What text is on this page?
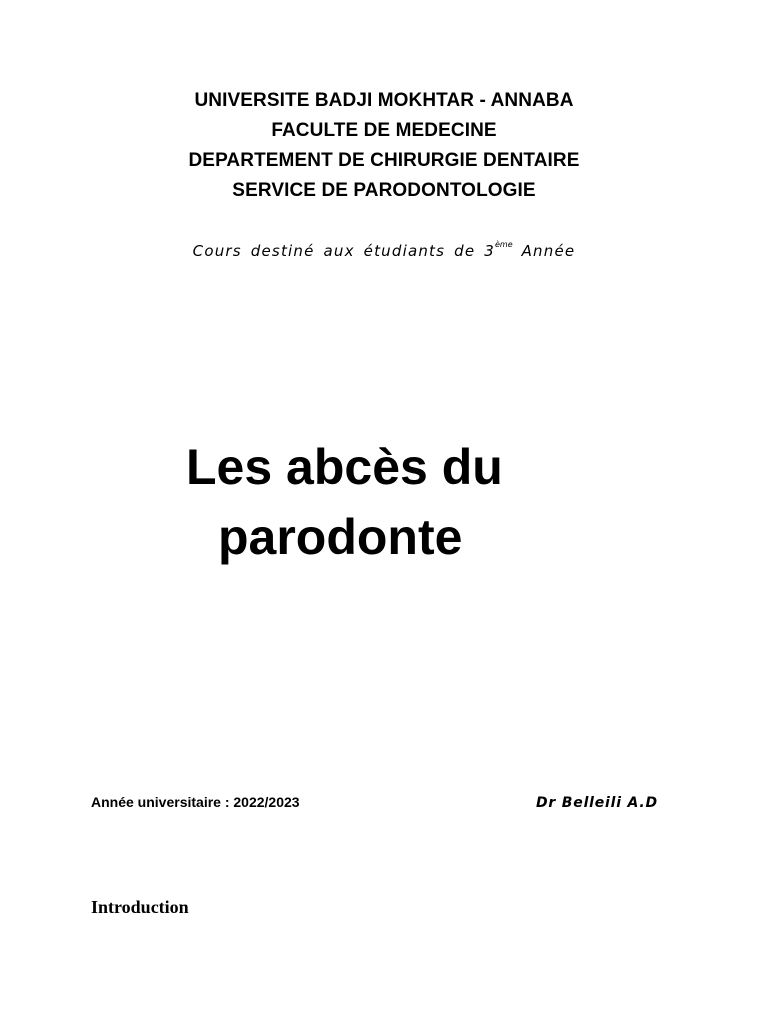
UNIVERSITE BADJI MOKHTAR - ANNABA
FACULTE DE MEDECINE
DEPARTEMENT DE CHIRURGIE DENTAIRE
SERVICE DE PARODONTOLOGIE
Cours destiné aux étudiants de 3ème Année
Les abcès du
parodonte
Année universitaire : 2022/2023	Dr Belleili A.D
Introduction
